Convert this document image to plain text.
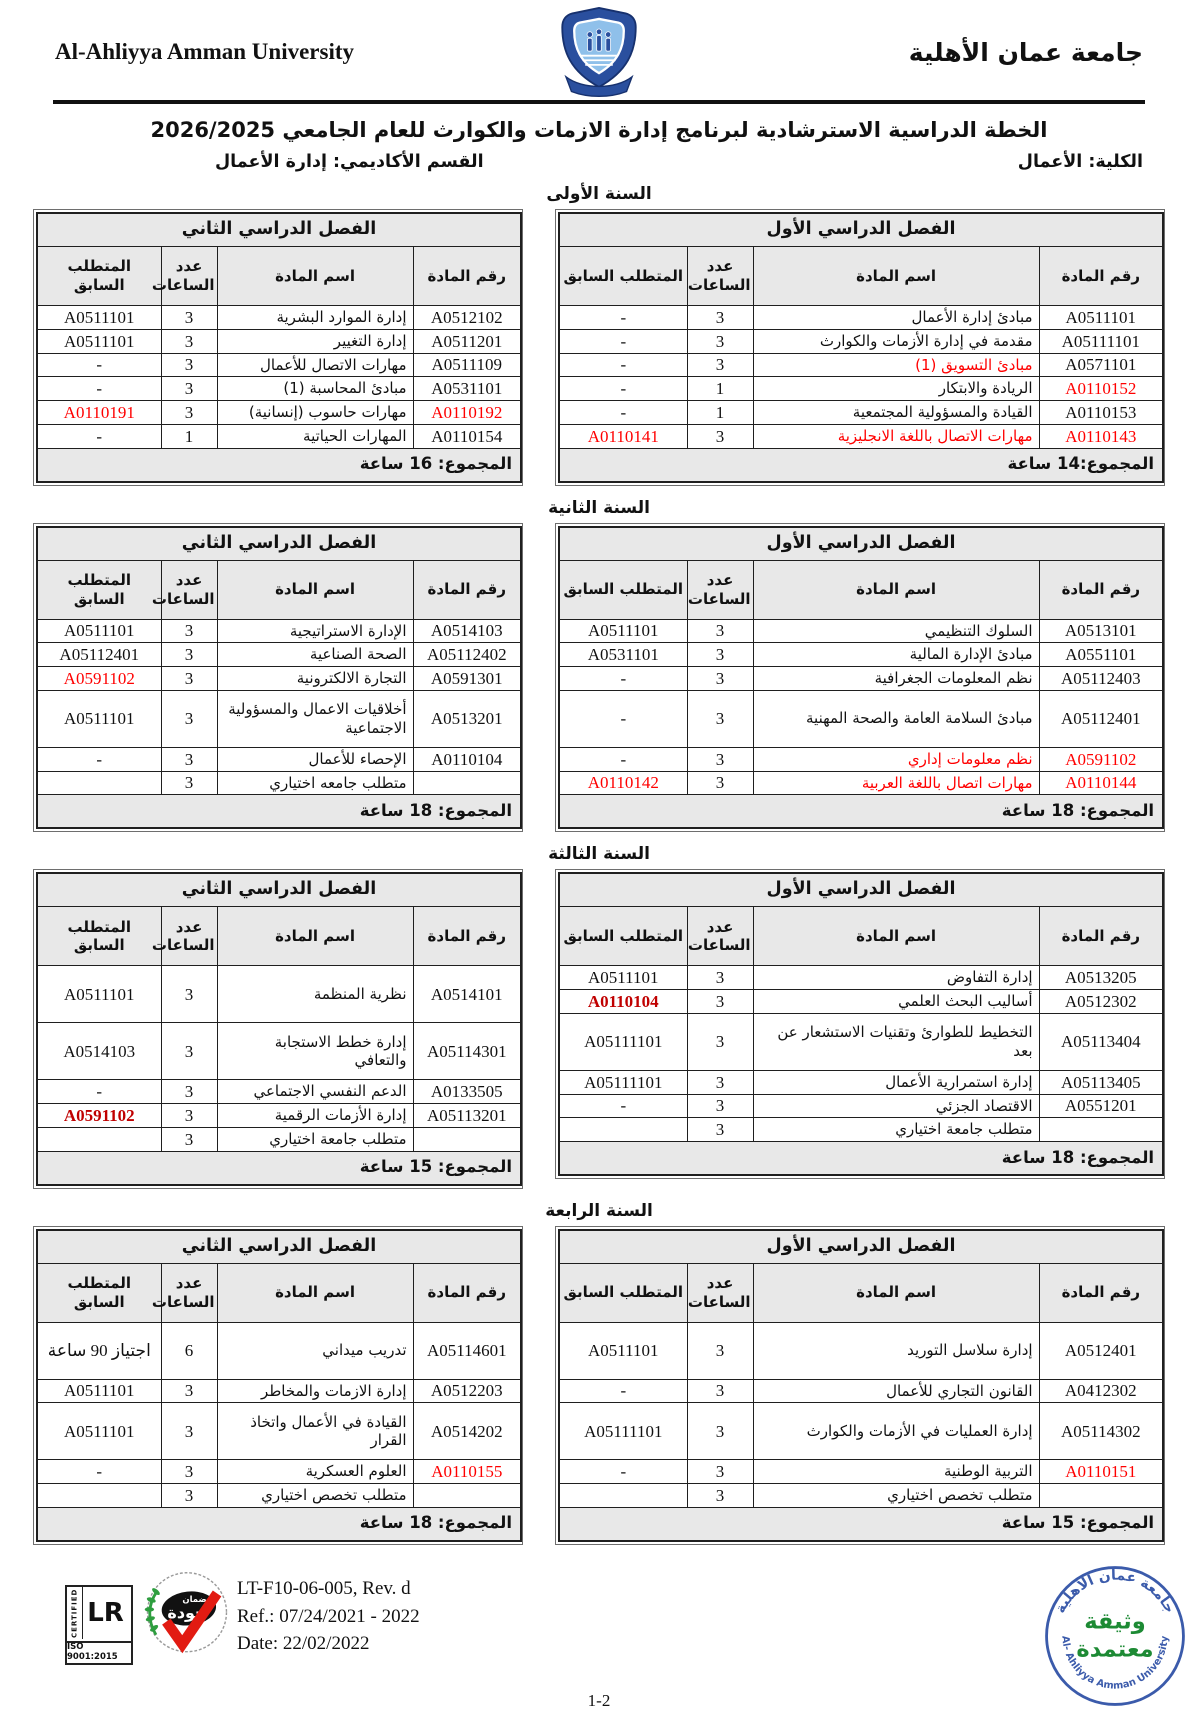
Al-Ahliyya Amman University	جامعة عمان الأهلية
الخطة الدراسية الاسترشادية لبرنامج إدارة الازمات والكوارث للعام الجامعي 2026/2025
الكلية: الأعمال
القسم الأكاديمي: إدارة الأعمال
السنة الأولى
الفصل الدراسي الثاني			
رقم المادة	اسم المادة	عدد الساعات	المتطلب السابق
A0512102	إدارة الموارد البشرية	3	A0511101
A0511201	إدارة التغيير	3	A0511101
A0511109	مهارات الاتصال للأعمال	3	-
A0531101	مبادئ المحاسبة (1)	3	-
A0110192	مهارات حاسوب (إنسانية)	3	A0110191
A0110154	المهارات الحياتية	1	-
المجموع: 16 ساعة			
الفصل الدراسي الأول			
رقم المادة	اسم المادة	عدد الساعات	المتطلب السابق
A0511101	مبادئ إدارة الأعمال	3	-
A05111101	مقدمة في إدارة الأزمات والكوارث	3	-
A0571101	مبادئ التسويق (1)	3	-
A0110152	الريادة والابتكار	1	-
A0110153	القيادة والمسؤولية المجتمعية	1	-
A0110143	مهارات الاتصال باللغة الانجليزية	3	A0110141
المجموع:14 ساعة			
السنة الثانية
الفصل الدراسي الثاني			
رقم المادة	اسم المادة	عدد الساعات	المتطلب السابق
A0514103	الإدارة الاستراتيجية	3	A0511101
A05112402	الصحة الصناعية	3	A05112401
A0591301	التجارة الالكترونية	3	A0591102
A0513201	أخلاقيات الاعمال والمسؤولية الاجتماعية	3	A0511101
A0110104	الإحصاء للأعمال	3	-
	متطلب جامعه اختياري	3	
المجموع: 18 ساعة			
الفصل الدراسي الأول			
رقم المادة	اسم المادة	عدد الساعات	المتطلب السابق
A0513101	السلوك التنظيمي	3	A0511101
A0551101	مبادئ الإدارة المالية	3	A0531101
A05112403	نظم المعلومات الجغرافية	3	-
A05112401	مبادئ السلامة العامة والصحة المهنية	3	-
A0591102	نظم معلومات إداري	3	-
A0110144	مهارات اتصال باللغة العربية	3	A0110142
المجموع: 18 ساعة			
السنة الثالثة
الفصل الدراسي الثاني			
رقم المادة	اسم المادة	عدد الساعات	المتطلب السابق
A0514101	نظرية المنظمة	3	A0511101
A05114301	إدارة خطط الاستجابة والتعافي	3	A0514103
A0133505	الدعم النفسي الاجتماعي	3	-
A05113201	إدارة الأزمات الرقمية	3	A0591102
	متطلب جامعة اختياري	3	
المجموع: 15 ساعة			
الفصل الدراسي الأول			
رقم المادة	اسم المادة	عدد الساعات	المتطلب السابق
A0513205	إدارة التفاوض	3	A0511101
A0512302	أساليب البحث العلمي	3	A0110104
A05113404	التخطيط للطوارئ وتقنيات الاستشعار عن بعد	3	A05111101
A05113405	إدارة استمرارية الأعمال	3	A05111101
A0551201	الاقتصاد الجزئي	3	-
	متطلب جامعة اختياري	3	
المجموع: 18 ساعة			
السنة الرابعة
الفصل الدراسي الثاني			
رقم المادة	اسم المادة	عدد الساعات	المتطلب السابق
A05114601	تدريب ميداني	6	اجتياز 90 ساعة
A0512203	إدارة الازمات والمخاطر	3	A0511101
A0514202	القيادة في الأعمال واتخاذ القرار	3	A0511101
A0110155	العلوم العسكرية	3	-
	متطلب تخصص اختياري	3	
المجموع: 18 ساعة			
الفصل الدراسي الأول			
رقم المادة	اسم المادة	عدد الساعات	المتطلب السابق
A0512401	إدارة سلاسل التوريد	3	A0511101
A0412302	القانون التجاري للأعمال	3	-
A05114302	إدارة العمليات في الأزمات والكوارث	3	A05111101
A0110151	التربية الوطنية	3	-
	متطلب تخصص اختياري	3	
المجموع: 15 ساعة			
CERTIFIED LR
ISO 9001:2015
ضمان
جودة
LT-F10-06-005, Rev. d
Ref.: 07/24/2021 - 2022
Date: 22/02/2022
جامعة عمان الأهلية
Al- Ahliyya Amman University
وثيقة
معتمدة
1-2
